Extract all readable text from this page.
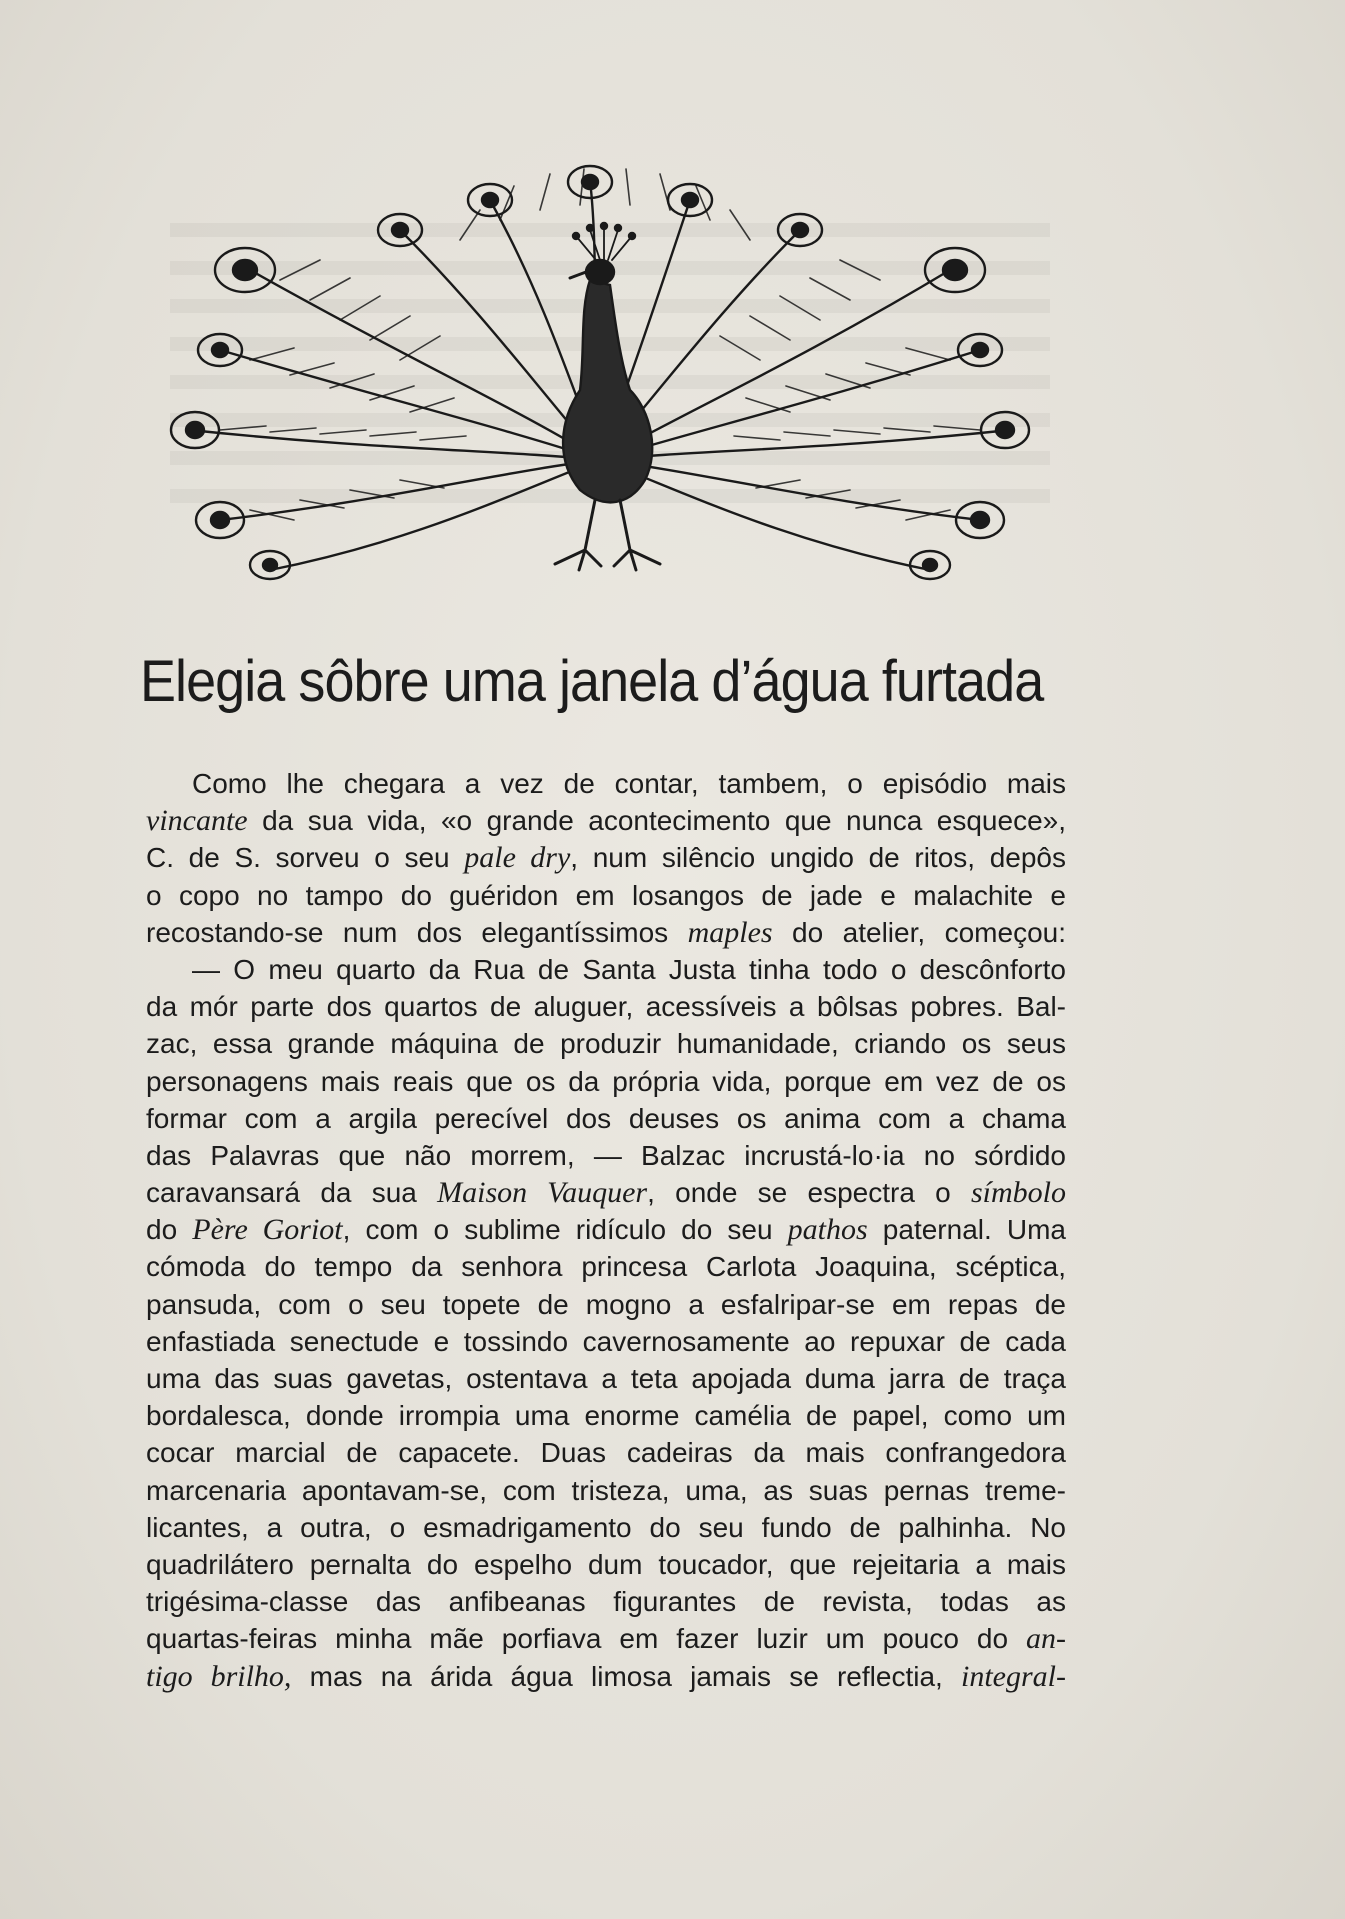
Elegia sôbre uma janela d’água furtada
Como lhe chegara a vez de contar, tambem, o episódio mais
vincante da sua vida, «o grande acontecimento que nunca esquece»,
C. de S. sorveu o seu pale dry, num silêncio ungido de ritos, depôs
o copo no tampo do guéridon em losangos de jade e malachite e
recostando-se num dos elegantíssimos maples do atelier, começou:
— O meu quarto da Rua de Santa Justa tinha todo o descônforto
da mór parte dos quartos de aluguer, acessíveis a bôlsas pobres. Bal-
zac, essa grande máquina de produzir humanidade, criando os seus
personagens mais reais que os da própria vida, porque em vez de os
formar com a argila perecível dos deuses os anima com a chama
das Palavras que não morrem, — Balzac incrustá-lo·ia no sórdido
caravansará da sua Maison Vauquer, onde se espectra o símbolo
do Père Goriot, com o sublime ridículo do seu pathos paternal. Uma
cómoda do tempo da senhora princesa Carlota Joaquina, scéptica,
pansuda, com o seu topete de mogno a esfalripar-se em repas de
enfastiada senectude e tossindo cavernosamente ao repuxar de cada
uma das suas gavetas, ostentava a teta apojada duma jarra de traça
bordalesca, donde irrompia uma enorme camélia de papel, como um
cocar marcial de capacete. Duas cadeiras da mais confrangedora
marcenaria apontavam-se, com tristeza, uma, as suas pernas treme-
licantes, a outra, o esmadrigamento do seu fundo de palhinha. No
quadrilátero pernalta do espelho dum toucador, que rejeitaria a mais
trigésima-classe das anfibeanas figurantes de revista, todas as
quartas-feiras minha mãe porfiava em fazer luzir um pouco do an-
tigo brilho, mas na árida água limosa jamais se reflectia, integral-
